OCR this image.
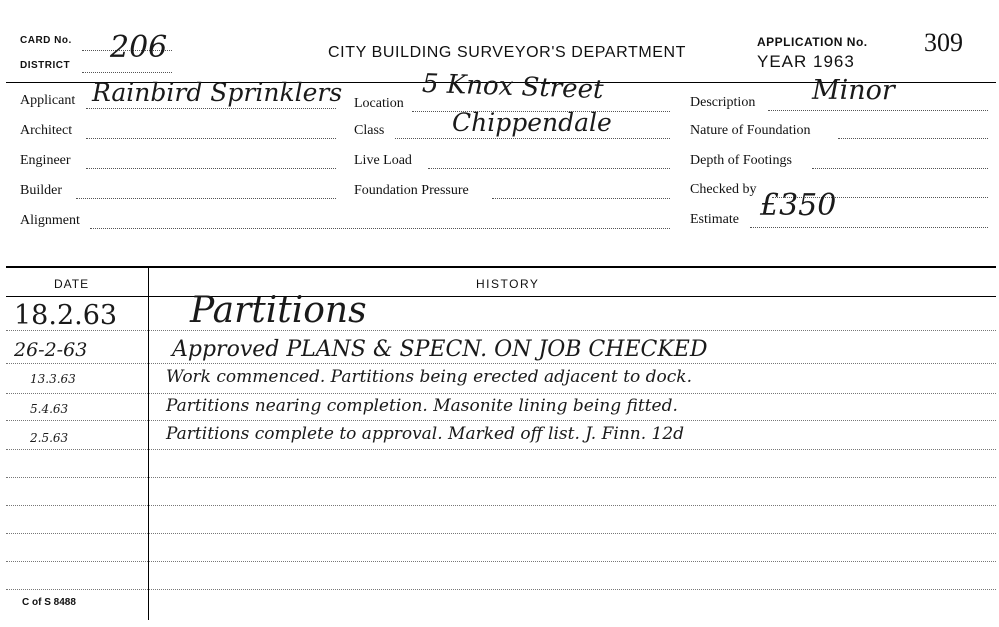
CARD No.
DISTRICT
206	CITY BUILDING SURVEYOR'S DEPARTMENT
APPLICATION No. 309
YEAR 1963
Applicant Rainbird Sprinklers
Architect
Engineer
Builder
Alignment
Location 5 Knox Street
Class	Chippendale
Live Load
Foundation Pressure
Description Minor
Nature of Foundation
Depth of Footings
Checked by
Estimate £350
DATE	HISTORY
18.2.63 Partitions
26-2-63	Approved PLANS & SPECN. ON JOB CHECKED
13.3.63	Work commenced. Partitions being erected adjacent to dock.
5.4.63	Partitions nearing completion. Masonite lining being fitted.
2.5.63	Partitions complete to approval. Marked off list. J. Finn. 12d
C of S 8488
